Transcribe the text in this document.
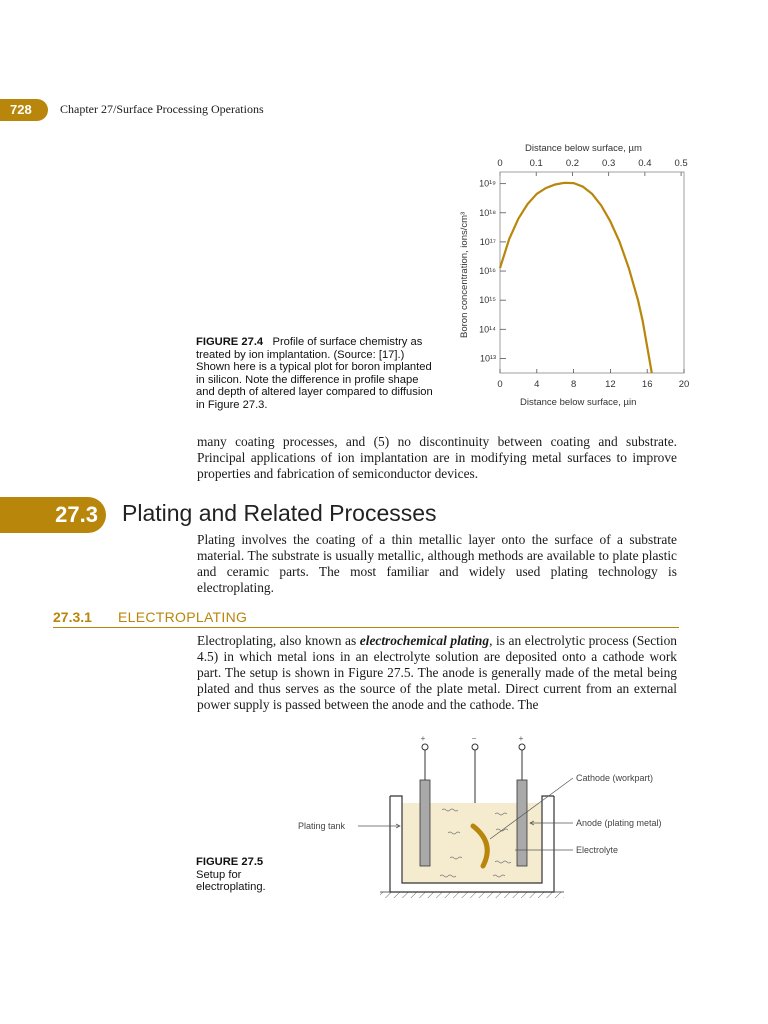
728	Chapter 27/Surface Processing Operations
Distance below surface, µm
0	0.1 0.2 0.3 0.4 0.5
10¹⁹
10¹⁸
10¹⁷
10¹⁶
10¹⁵
10¹⁴
10¹³
Boron concentration, ions/cm³
0	4	8	12	16	20
Distance below surface, µin
FIGURE 27.4 Profile of surface chemistry as treated by ion implantation. (Source: [17].) Shown here is a typical plot for boron implanted in silicon. Note the difference in profile shape and depth of altered layer compared to diffusion in Figure 27.3.
many coating processes, and (5) no discontinuity between coating and substrate. Principal applications of ion implantation are in modifying metal surfaces to improve properties and fabrication of semiconductor devices.
27.3	Plating and Related Processes
Plating involves the coating of a thin metallic layer onto the surface of a substrate material. The substrate is usually metallic, although methods are available to plate plastic and ceramic parts. The most familiar and widely used plating technology is electroplating.
27.3.1 ELECTROPLATING
Electroplating, also known as electrochemical plating, is an electrolytic process (Section 4.5) in which metal ions in an electrolyte solution are deposited onto a cathode work part. The setup is shown in Figure 27.5. The anode is generally made of the metal being plated and thus serves as the source of the plate metal. Direct current from an external power supply is passed between the anode and the cathode. The
+	−	+
Plating tank
Cathode (workpart)
Anode (plating metal)
Electrolyte
FIGURE 27.5
Setup for electroplating.
